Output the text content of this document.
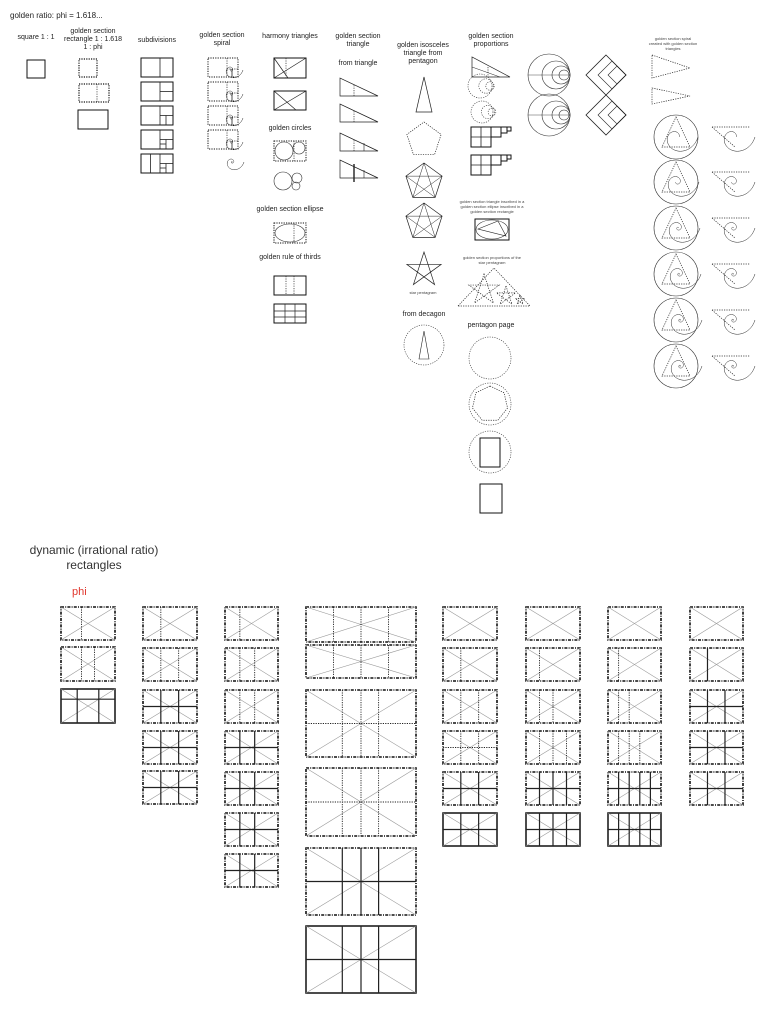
golden ratio: phi = 1.618...
square 1 : 1
golden section rectangle 1 : 1.618 1 : phi
subdivisions
golden section spiral
harmony triangles	golden section triangle	golden isosceles triangle from pentagon
golden section proportions
golden circles
golden section ellipse
golden rule of thirds
from triangle
star pentagram
from decagon
golden section triangle inscribed in a golden section ellipse inscribed in a golden section rectangle
golden section proportions of the star pentagram
pentagon page
golden section spiral created with golden section triangles
dynamic (irrational ratio) rectangles
phi
